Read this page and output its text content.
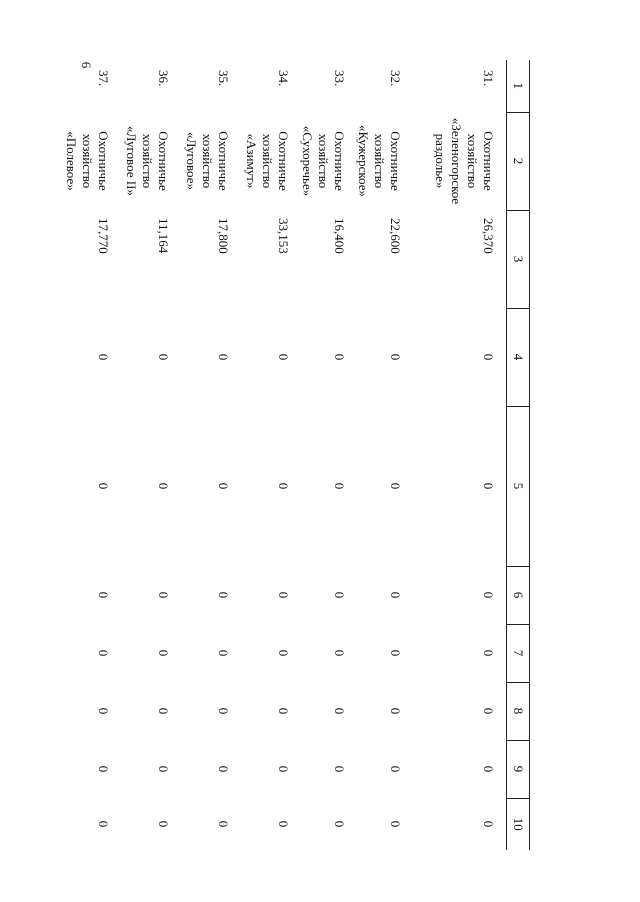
6
1	2	3	4	5	6	7	8	9	10
31.	Охотничье
хозяйство
«Зеленогорское
раздолье»	26,370	0	0	0	0	0	0	0
32.	Охотничье
хозяйство
«Кужерское»	22,600	0	0	0	0	0	0	0
33.	Охотничье
хозяйство
«Сухоречье»	16,400	0	0	0	0	0	0	0
34.	Охотничье
хозяйство
«Азимут»	33,153	0	0	0	0	0	0	0
35.	Охотничье
хозяйство
«Луговое»	17,800	0	0	0	0	0	0	0
36.	Охотничье
хозяйство
«Луговое II»	11,164	0	0	0	0	0	0	0
37.	Охотничье
хозяйство
«Полевое»	17,770	0	0	0	0	0	0	0
